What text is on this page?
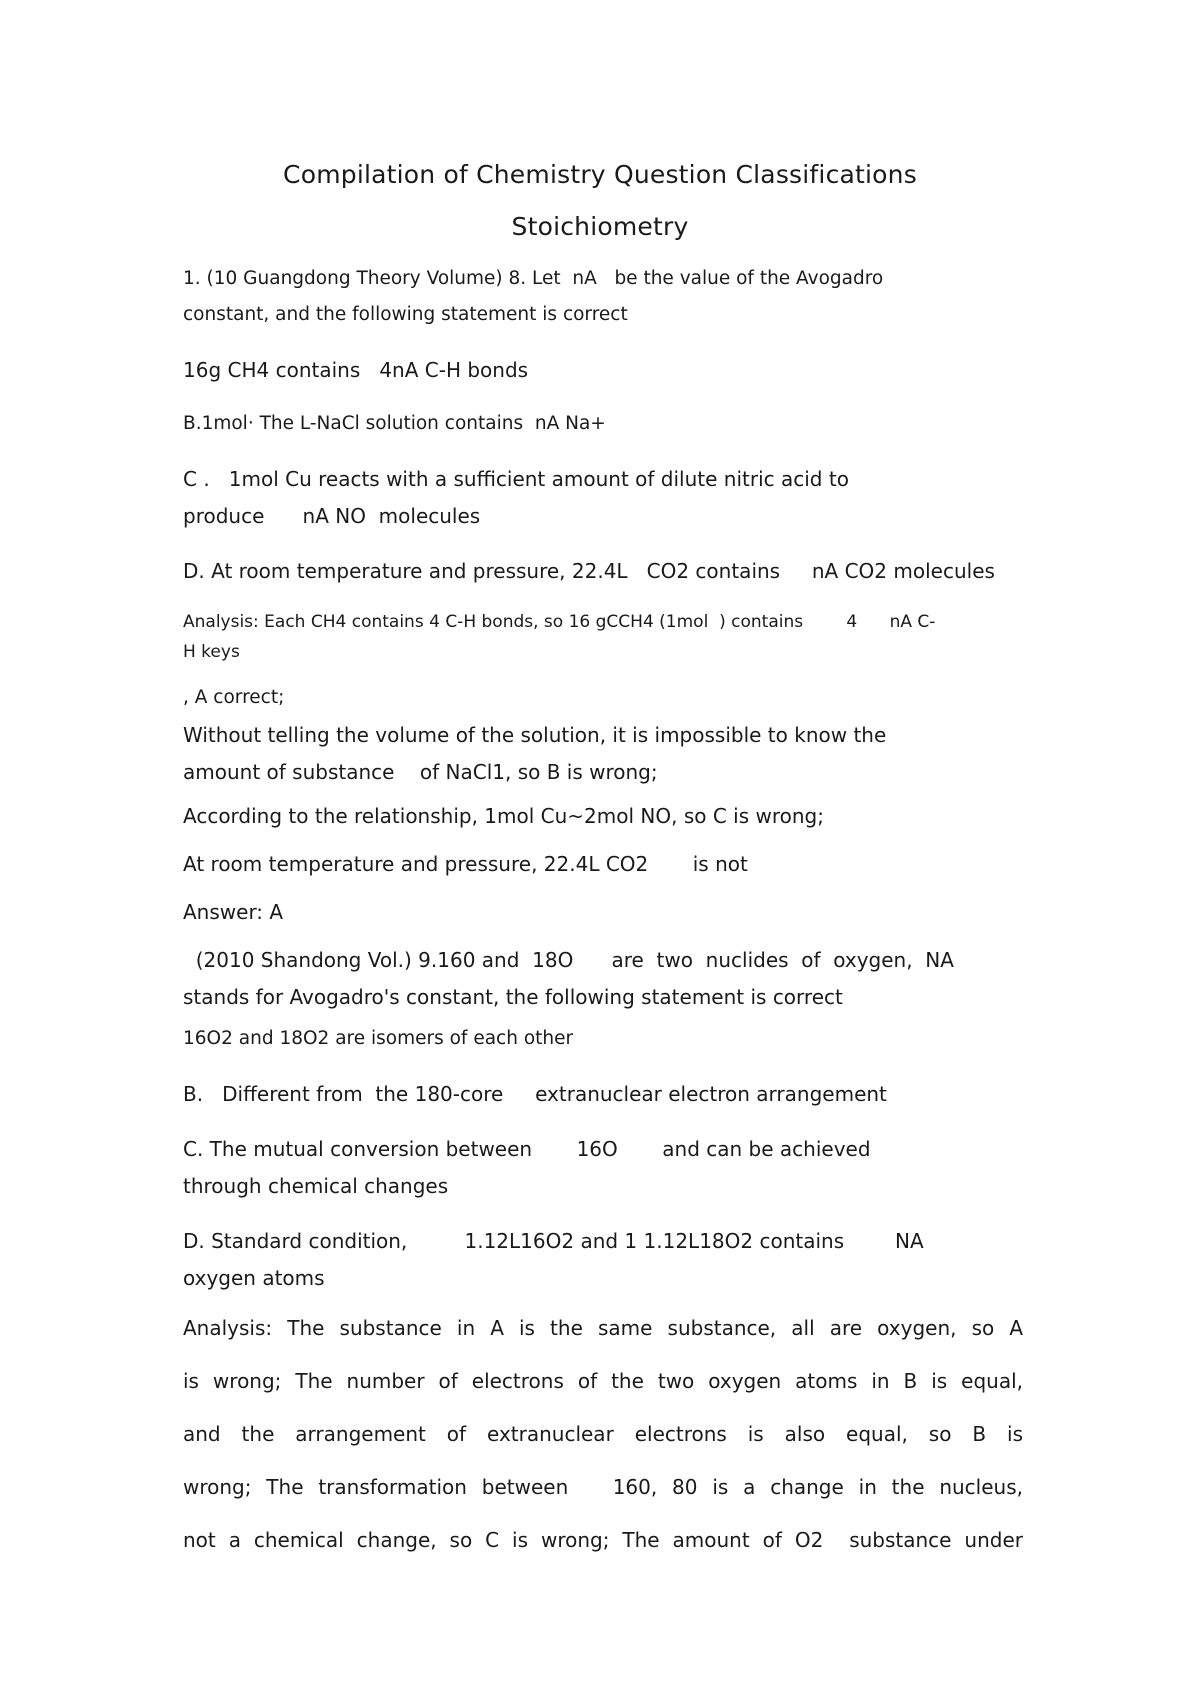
Compilation of Chemistry Question Classifications
Stoichiometry
1. (10 Guangdong Theory Volume) 8. Let  nA   be the value of the Avogadro
constant, and the following statement is correct
16g CH4 contains   4nA C-H bonds
B.1mol· The L-NaCl solution contains  nA Na+
C .   1mol Cu reacts with a sufficient amount of dilute nitric acid to
produce      nA NO  molecules
D. At room temperature and pressure, 22.4L   CO2 contains     nA CO2 molecules
Analysis: Each CH4 contains 4 C-H bonds, so 16 gCCH4 (1mol  ) contains        4      nA C-
H keys
, A correct;
Without telling the volume of the solution, it is impossible to know the
amount of substance    of NaCl1, so B is wrong;
According to the relationship, 1mol Cu~2mol NO, so C is wrong;
At room temperature and pressure, 22.4L CO2       is not
Answer: A
(2010 Shandong Vol.) 9.160 and  18O      are  two  nuclides  of  oxygen,  NA
stands for Avogadro's constant, the following statement is correct
16O2 and 18O2 are isomers of each other
B.   Different from  the 180-core     extranuclear electron arrangement
C. The mutual conversion between       16O       and can be achieved
through chemical changes
D. Standard condition,         1.12L16O2 and 1 1.12L18O2 contains        NA
oxygen atoms
Analysis: The substance in A is the same substance, all are oxygen, so A
is wrong; The number of electrons of the two oxygen atoms in B is equal,
and the arrangement of extranuclear electrons is also equal, so B is
wrong; The transformation between   160, 80 is a change in the nucleus,
not a chemical change, so C is wrong; The amount of O2  substance under
